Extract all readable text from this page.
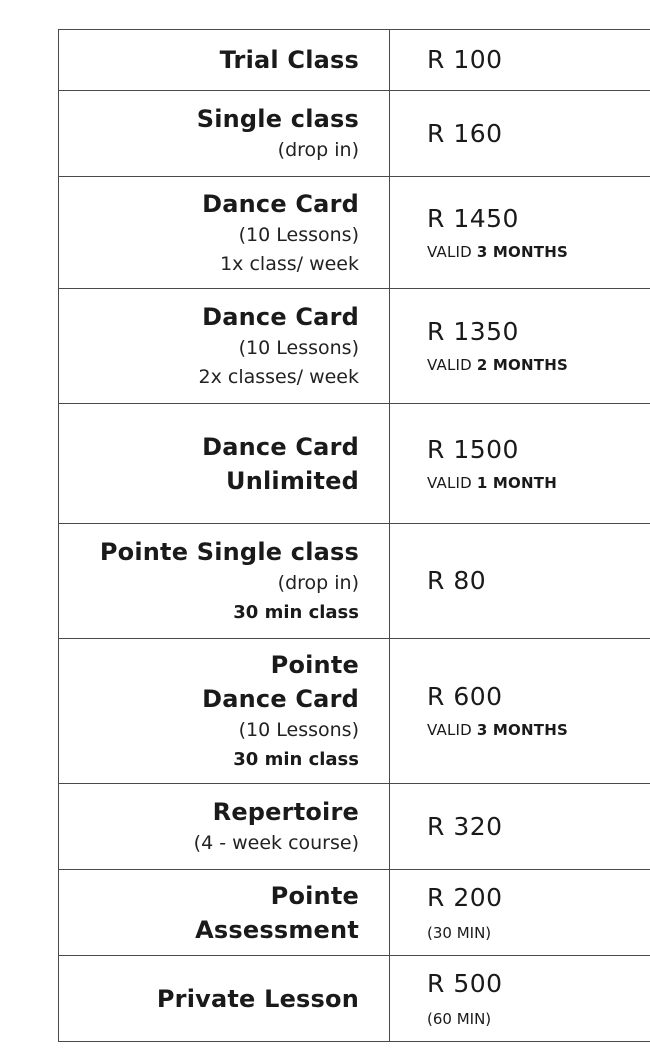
Trial Class	R 100

Single class
(drop in)	R 160

Dance Card
(10 Lessons)
1x class/ week	R 1450
VALID 3 MONTHS

Dance Card
(10 Lessons)
2x classes/ week	R 1350
VALID 2 MONTHS

Dance Card
Unlimited	R 1500
VALID 1 MONTH

Pointe Single class
(drop in)
30 min class	R 80

Pointe
Dance Card
(10 Lessons)
30 min class	R 600
VALID 3 MONTHS

Repertoire
(4 - week course)	R 320

Pointe
Assessment	R 200
(30 MIN)

Private Lesson	R 500
(60 MIN)
